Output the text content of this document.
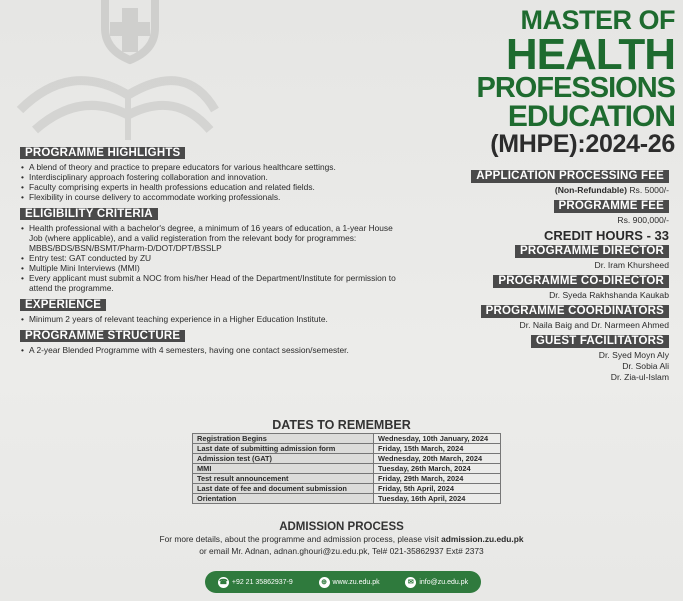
MASTER OF
HEALTH
PROFESSIONS
EDUCATION
(MHPE):2024-26
PROGRAMME HIGHLIGHTS
• A blend of theory and practice to prepare educators for various healthcare settings.
• Interdisciplinary approach fostering collaboration and innovation.
• Faculty comprising experts in health professions education and related fields.
• Flexibility in course delivery to accommodate working professionals.
ELIGIBILITY CRITERIA
• Health professional with a bachelor's degree, a minimum of 16 years of education, a 1-year House Job (where applicable), and a valid registeration from the relevant body for programmes: MBBS/BDS/BSN/BSMT/Pharm-D/DOT/DPT/BSSLP
• Entry test: GAT conducted by ZU
• Multiple Mini Interviews (MMI)
• Every applicant must submit a NOC from his/her Head of the Department/Institute for permission to attend the programme.
EXPERIENCE
• Minimum 2 years of relevant teaching experience in a Higher Education Institute.
PROGRAMME STRUCTURE
• A 2-year Blended Programme with 4 semesters, having one contact session/semester.
APPLICATION PROCESSING FEE
(Non-Refundable) Rs. 5000/-
PROGRAMME FEE
Rs. 900,000/-
CREDIT HOURS - 33
PROGRAMME DIRECTOR
Dr. Iram Khursheed
PROGRAMME CO-DIRECTOR
Dr. Syeda Rakhshanda Kaukab
PROGRAMME COORDINATORS
Dr. Naila Baig and Dr. Narmeen Ahmed
GUEST FACILITATORS
Dr. Syed Moyn Aly
Dr. Sobia Ali
Dr. Zia-ul-Islam
DATES TO REMEMBER
Registration Begins	Wednesday, 10th January, 2024
Last date of submitting admission form	Friday, 15th March, 2024
Admission test (GAT)	Wednesday, 20th March, 2024
MMI	Tuesday, 26th March, 2024
Test result announcement	Friday, 29th March, 2024
Last date of fee and document submission	Friday, 5th April, 2024
Orientation	Tuesday, 16th April, 2024
ADMISSION PROCESS
For more details, about the programme and admission process, please visit admission.zu.edu.pk
or email Mr. Adnan, adnan.ghouri@zu.edu.pk, Tel# 021-35862937 Ext# 2373
☎ +92 21 35862937-9	⊕ www.zu.edu.pk	✉ info@zu.edu.pk
